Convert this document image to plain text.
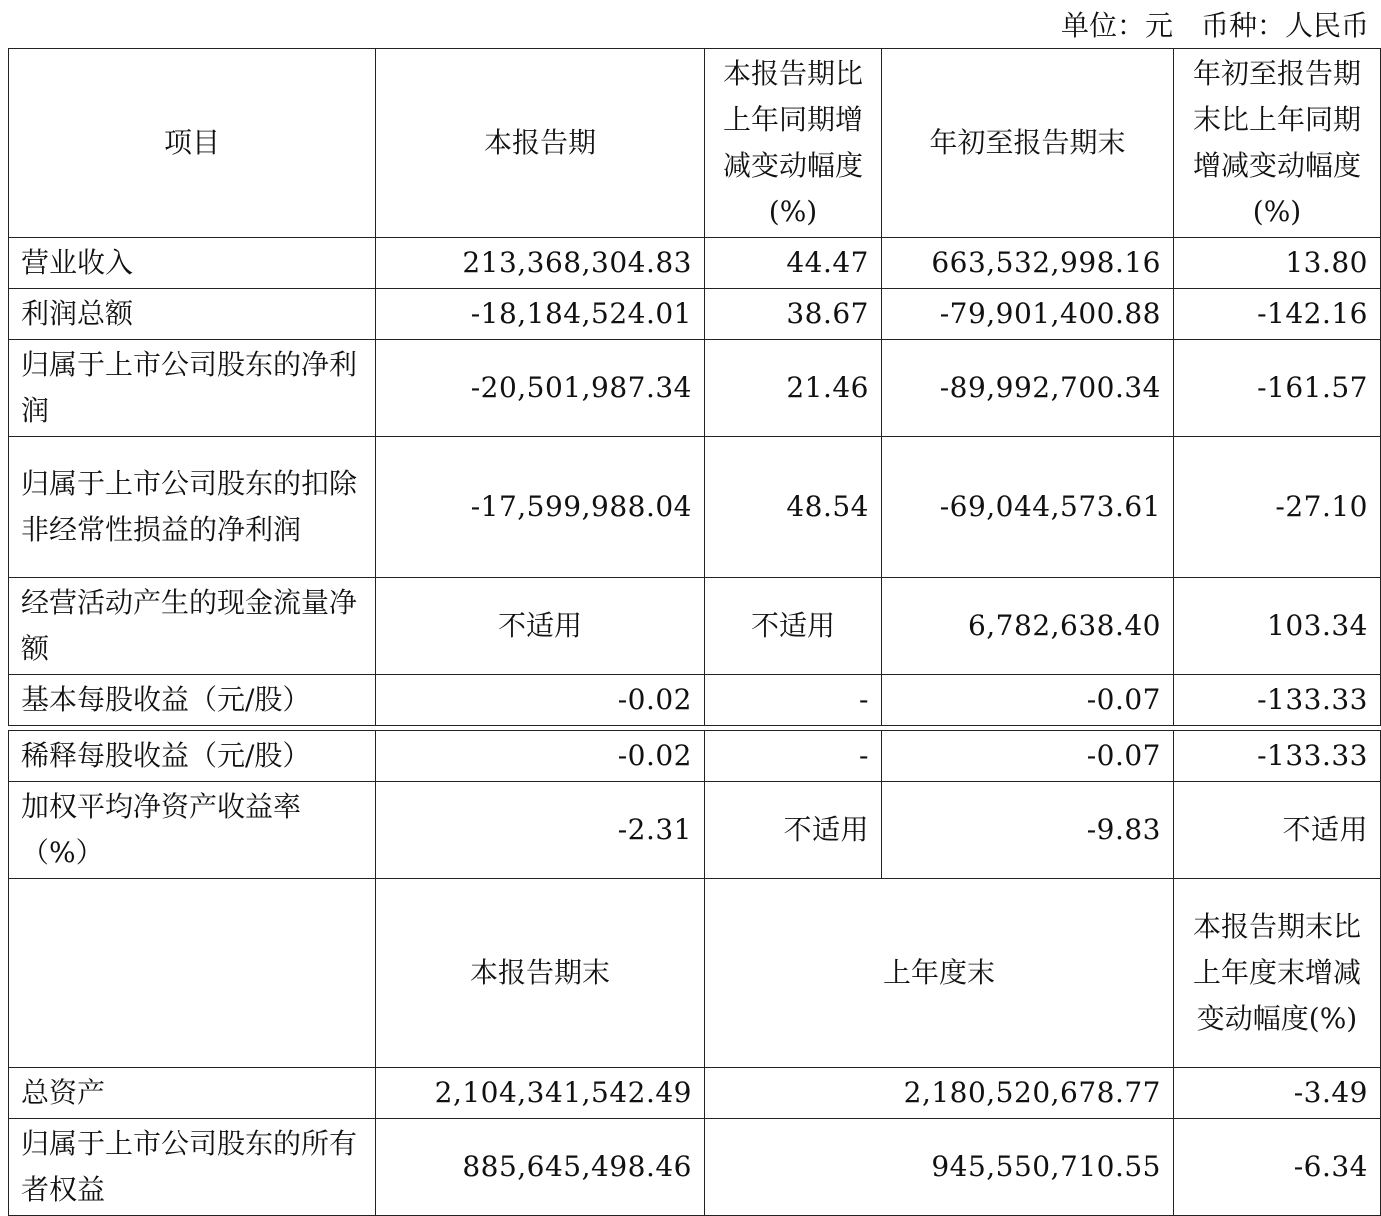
单位：元　币种：人民币
项目	本报告期	本报告期比上年同期增减变动幅度(%)	年初至报告期末	年初至报告期末比上年同期增减变动幅度(%)
营业收入	213,368,304.83	44.47	663,532,998.16	13.80
利润总额	-18,184,524.01	38.67	-79,901,400.88	-142.16
归属于上市公司股东的净利润	-20,501,987.34	21.46	-89,992,700.34	-161.57
归属于上市公司股东的扣除非经常性损益的净利润	-17,599,988.04	48.54	-69,044,573.61	-27.10
经营活动产生的现金流量净额	不适用	不适用	6,782,638.40	103.34
基本每股收益（元/股）	-0.02	-	-0.07	-133.33

稀释每股收益（元/股）	-0.02	-	-0.07	-133.33
加权平均净资产收益率（%）	-2.31	不适用	-9.83	不适用
	本报告期末	上年度末		本报告期末比上年度末增减变动幅度(%)
总资产	2,104,341,542.49	2,180,520,678.77		-3.49
归属于上市公司股东的所有者权益	885,645,498.46	945,550,710.55		-6.34
